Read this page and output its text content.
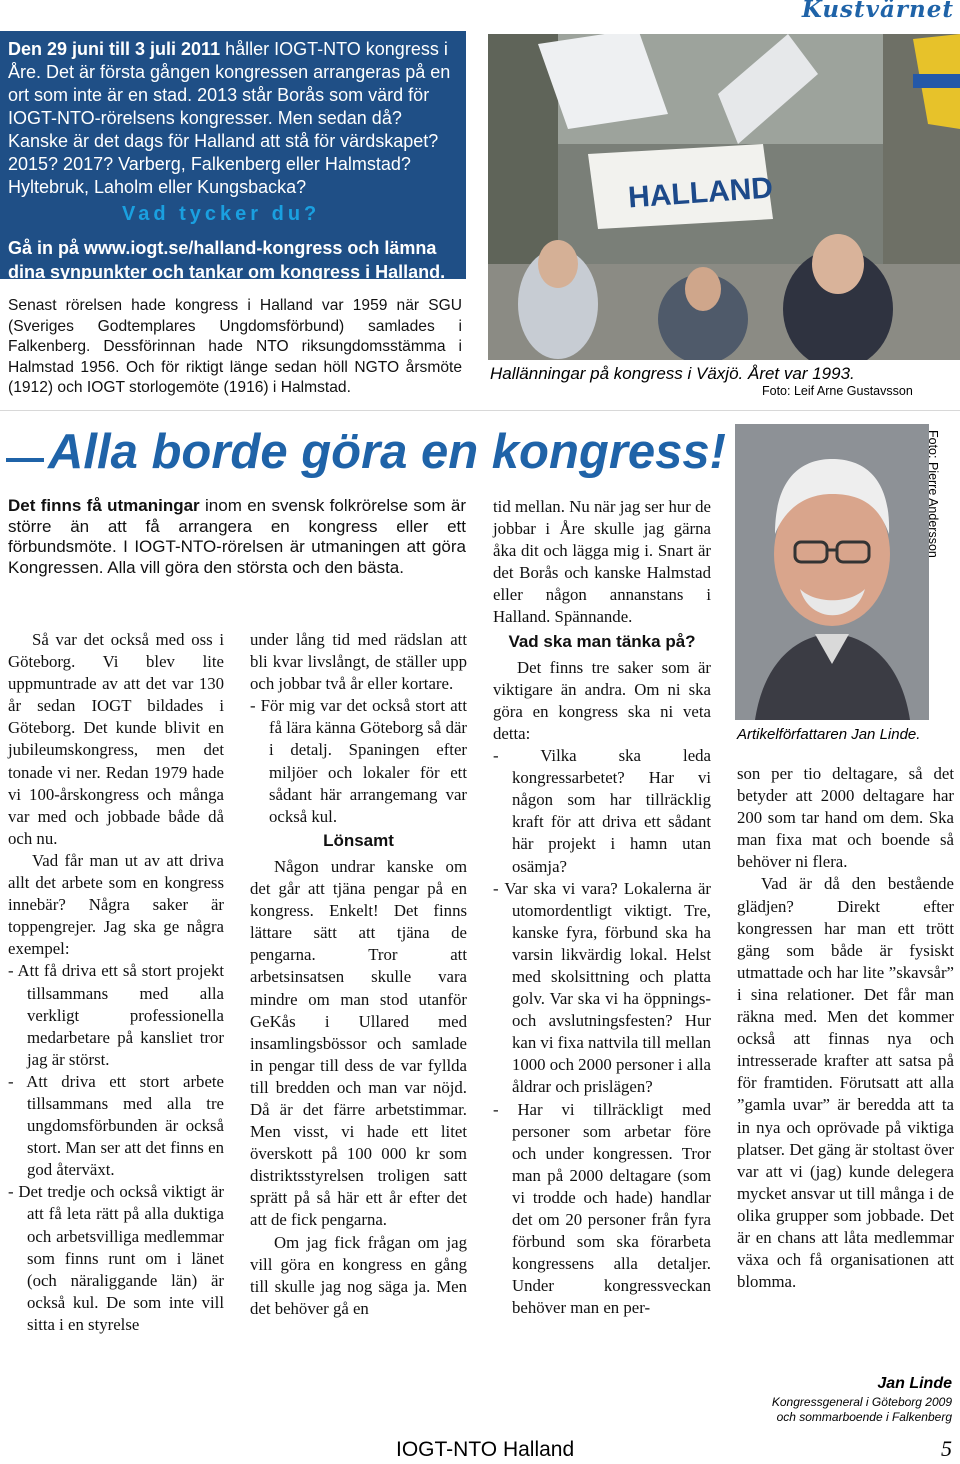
Kustvärnet
Den 29 juni till 3 juli 2011 håller IOGT-NTO kongress i Åre. Det är första gången kongressen arrangeras på en ort som inte är en stad. 2013 står Borås som värd för IOGT-NTO-rörelsens kongresser. Men sedan då? Kanske är det dags för Halland att stå för värdskapet? 2015? 2017? Varberg, Falkenberg eller Halmstad? Hyltebruk, Laholm eller Kungsbacka?
Vad tycker du?
Gå in på www.iogt.se/halland-kongress och lämna dina synpunkter och tankar om kongress i Halland.
Senast rörelsen hade kongress i Halland var 1959 när SGU (Sveriges Godtemplares Ungdomsförbund) samlades i Falkenberg. Dessförinnan hade NTO riksungdomsstämma i Halmstad 1956. Och för riktigt länge sedan höll NGTO årsmöte (1912) och IOGT storlogemöte (1916) i Halmstad.
HALLAND
Hallänningar på kongress i Växjö. Året var 1993.
Foto: Leif Arne Gustavsson
Alla borde göra en kongress!
Det finns få utmaningar inom en svensk folkrörelse som är större än att få arrangera en kongress eller ett förbundsmöte. I IOGT-NTO-rörelsen är utmaningen att göra Kongressen. Alla vill göra den största och den bästa.

Så var det också med oss i Göteborg. Vi blev lite uppmuntrade av att det var 130 år sedan IOGT bildades i Göteborg. Det kunde blivit en jubileumskongress, men det tonade vi ner. Redan 1979 hade vi 100-årskongress och många var med och jobbade både då och nu.

Vad får man ut av att driva allt det arbete som en kongress innebär? Några saker är toppengrejer. Jag ska ge några exempel:

- Att få driva ett så stort projekt tillsammans med alla verkligt professionella medarbetare på kansliet tror jag är störst.

- Att driva ett stort arbete tillsammans med alla tre ungdomsförbunden är också stort. Man ser att det finns en god återväxt.

- Det tredje och också viktigt är att få leta rätt på alla duktiga och arbetsvilliga medlemmar som finns runt om i länet (och näraliggande län) är också kul. De som inte vill sitta i en styrelse

under lång tid med rädslan att bli kvar livslångt, de ställer upp och jobbar två år eller kortare.

- För mig var det också stort att få lära känna Göteborg så där i detalj. Spaningen efter miljöer och lokaler för ett sådant här arrangemang var också kul.

Lönsamt

Någon undrar kanske om det går att tjäna pengar på en kongress. Enkelt! Det finns lättare sätt att tjäna de pengarna. Tror att arbetsinsatsen skulle vara mindre om man stod utanför GeKås i Ullared med insamlingsbössor och samlade in pengar till dess de var fyllda till bredden och man var nöjd. Då är det färre arbetstimmar. Men visst, vi hade ett litet överskott på 100 000 kr som distriktsstyrelsen troligen satt sprätt på så här ett år efter det att de fick pengarna.

Om jag fick frågan om jag vill göra en kongress en gång till skulle jag nog säga ja. Men det behöver gå en

tid mellan. Nu när jag ser hur de jobbar i Åre skulle jag gärna åka dit och lägga mig i. Snart är det Borås och kanske Halmstad eller någon annanstans i Halland. Spännande.

Vad ska man tänka på?

Det finns tre saker som är viktigare än andra. Om ni ska göra en kongress ska ni veta detta:

- Vilka ska leda kongressarbetet? Har vi någon som har tillräcklig kraft för att driva ett sådant här projekt i hamn utan osämja?

- Var ska vi vara? Lokalerna är utomordentligt viktigt. Tre, kanske fyra, förbund ska ha varsin likvärdig lokal. Helst med skolsittning och platta golv. Var ska vi ha öppnings- och avslutningsfesten? Hur kan vi fixa nattvila till mellan 1000 och 2000 personer i alla åldrar och prislägen?

- Har vi tillräckligt med personer som arbetar före och under kongressen. Tror man på 2000 deltagare (som vi trodde och hade) handlar det om 20 personer från fyra förbund som ska förarbeta kongressens alla detaljer. Under kongressveckan behöver man en per-

Foto: Pierre Andersson
Artikelförfattaren Jan Linde.

son per tio deltagare, så det betyder att 2000 deltagare har 200 som tar hand om dem. Ska man fixa mat och boende så behöver ni flera.

Vad är då den bestående glädjen? Direkt efter kongressen har man ett trött gäng som både är fysiskt utmattade och har lite ”skavsår” i sina relationer. Det får man räkna med. Men det kommer också att finnas nya och intresserade krafter att satsa på för framtiden. Förutsatt att alla ”gamla uvar” är beredda att ta in nya och oprövade på viktiga platser. Det gäng är stoltast över var att vi (jag) kunde delegera mycket ansvar ut till många i de olika grupper som jobbade. Det är en chans att låta medlemmar växa och få organisationen att blomma.

Jan Linde
Kongressgeneral i Göteborg 2009
och sommarboende i Falkenberg
IOGT-NTO Halland	5
